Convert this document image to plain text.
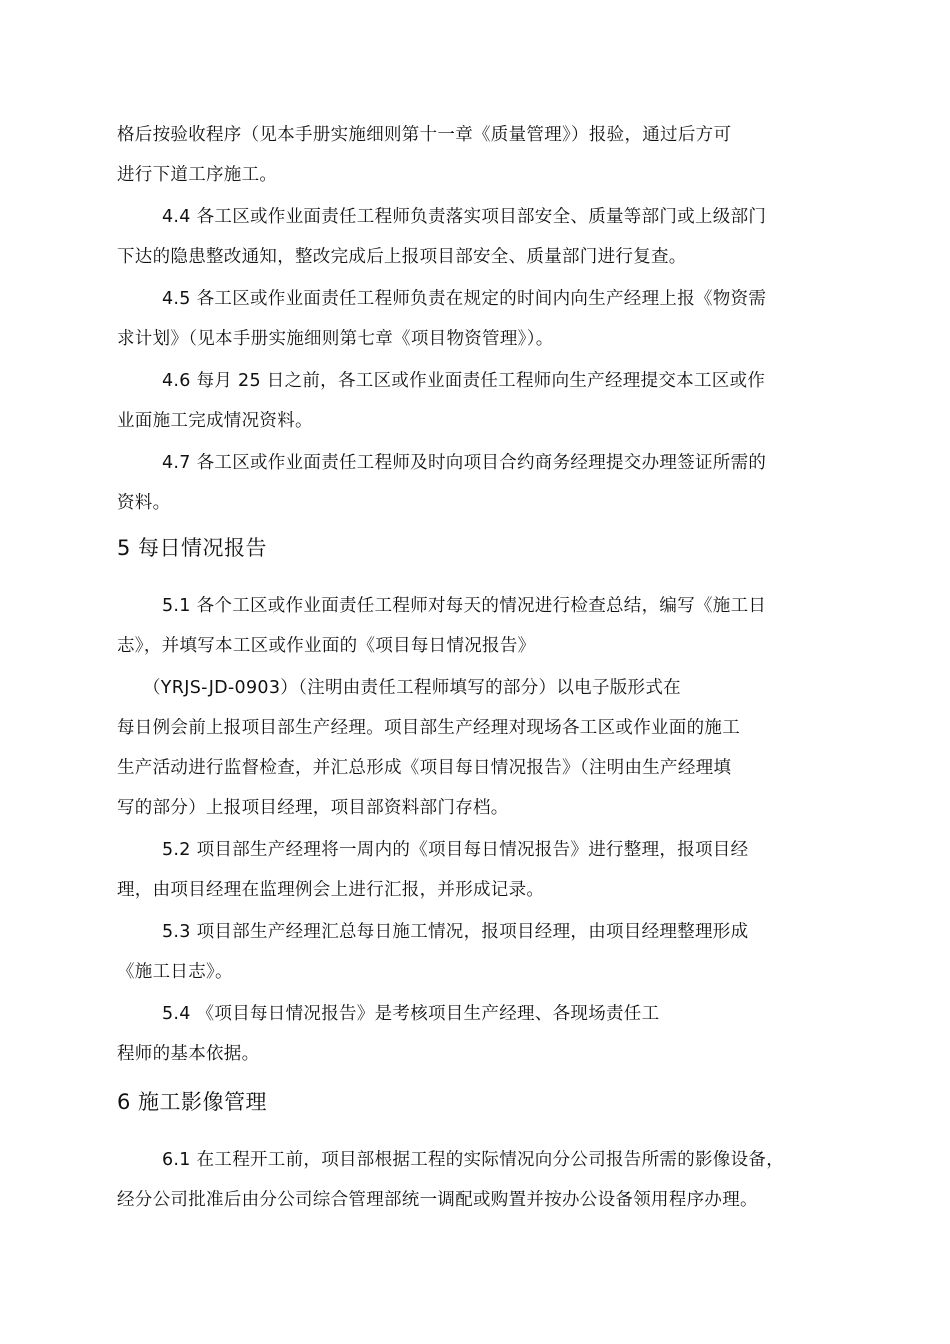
格后按验收程序（见本手册实施细则第十一章《质量管理》）报验，通过后方可
进行下道工序施工。
4.4 各工区或作业面责任工程师负责落实项目部安全、质量等部门或上级部门
下达的隐患整改通知，整改完成后上报项目部安全、质量部门进行复查。
4.5 各工区或作业面责任工程师负责在规定的时间内向生产经理上报《物资需
求计划》（见本手册实施细则第七章《项目物资管理》）。
4.6 每月 25 日之前，各工区或作业面责任工程师向生产经理提交本工区或作
业面施工完成情况资料。
4.7 各工区或作业面责任工程师及时向项目合约商务经理提交办理签证所需的
资料。
5 每日情况报告
5.1 各个工区或作业面责任工程师对每天的情况进行检查总结，编写《施工日
志》，并填写本工区或作业面的《项目每日情况报告》
（YRJS-JD-0903）（注明由责任工程师填写的部分）以电子版形式在
每日例会前上报项目部生产经理。项目部生产经理对现场各工区或作业面的施工
生产活动进行监督检查，并汇总形成《项目每日情况报告》（注明由生产经理填
写的部分）上报项目经理，项目部资料部门存档。
5.2 项目部生产经理将一周内的《项目每日情况报告》进行整理，报项目经
理，由项目经理在监理例会上进行汇报，并形成记录。
5.3 项目部生产经理汇总每日施工情况，报项目经理，由项目经理整理形成
《施工日志》。
5.4 《项目每日情况报告》是考核项目生产经理、各现场责任工
程师的基本依据。
6 施工影像管理
6.1 在工程开工前，项目部根据工程的实际情况向分公司报告所需的影像设备，
经分公司批准后由分公司综合管理部统一调配或购置并按办公设备领用程序办理。
